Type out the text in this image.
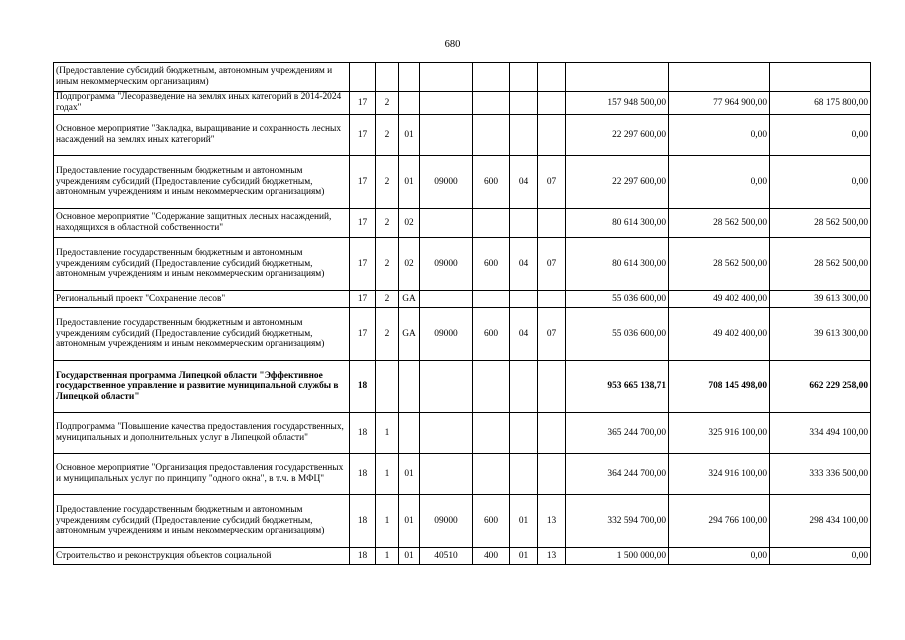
680
(Предоставление субсидий бюджетным, автономным учреждениям и иным некоммерческим организациям)										
Подпрограмма "Лесоразведение на землях иных категорий в 2014-2024 годах"	17	2						157 948 500,00	77 964 900,00	68 175 800,00
Основное мероприятие "Закладка, выращивание и сохранность лесных насаждений на землях иных категорий"	17	2	01					22 297 600,00	0,00	0,00
Предоставление государственным бюджетным и автономным учреждениям субсидий (Предоставление субсидий бюджетным, автономным учреждениям и иным некоммерческим организациям)	17	2	01	09000	600	04	07	22 297 600,00	0,00	0,00
Основное мероприятие "Содержание защитных лесных насаждений, находящихся в областной собственности"	17	2	02					80 614 300,00	28 562 500,00	28 562 500,00
Предоставление государственным бюджетным и автономным учреждениям субсидий (Предоставление субсидий бюджетным, автономным учреждениям и иным некоммерческим организациям)	17	2	02	09000	600	04	07	80 614 300,00	28 562 500,00	28 562 500,00
Региональный проект "Сохранение лесов"	17	2	GA					55 036 600,00	49 402 400,00	39 613 300,00
Предоставление государственным бюджетным и автономным учреждениям субсидий (Предоставление субсидий бюджетным, автономным учреждениям и иным некоммерческим организациям)	17	2	GA	09000	600	04	07	55 036 600,00	49 402 400,00	39 613 300,00
Государственная программа Липецкой области "Эффективное государственное управление и развитие муниципальной службы в Липецкой области"	18							953 665 138,71	708 145 498,00	662 229 258,00
Подпрограмма "Повышение качества предоставления государственных, муниципальных и дополнительных услуг в Липецкой области"	18	1						365 244 700,00	325 916 100,00	334 494 100,00
Основное мероприятие "Организация предоставления государственных и муниципальных услуг по принципу "одного окна", в т.ч. в МФЦ"	18	1	01					364 244 700,00	324 916 100,00	333 336 500,00
Предоставление государственным бюджетным и автономным учреждениям субсидий (Предоставление субсидий бюджетным, автономным учреждениям и иным некоммерческим организациям)	18	1	01	09000	600	01	13	332 594 700,00	294 766 100,00	298 434 100,00
Строительство и реконструкция объектов социальной	18	1	01	40510	400	01	13	1 500 000,00	0,00	0,00
